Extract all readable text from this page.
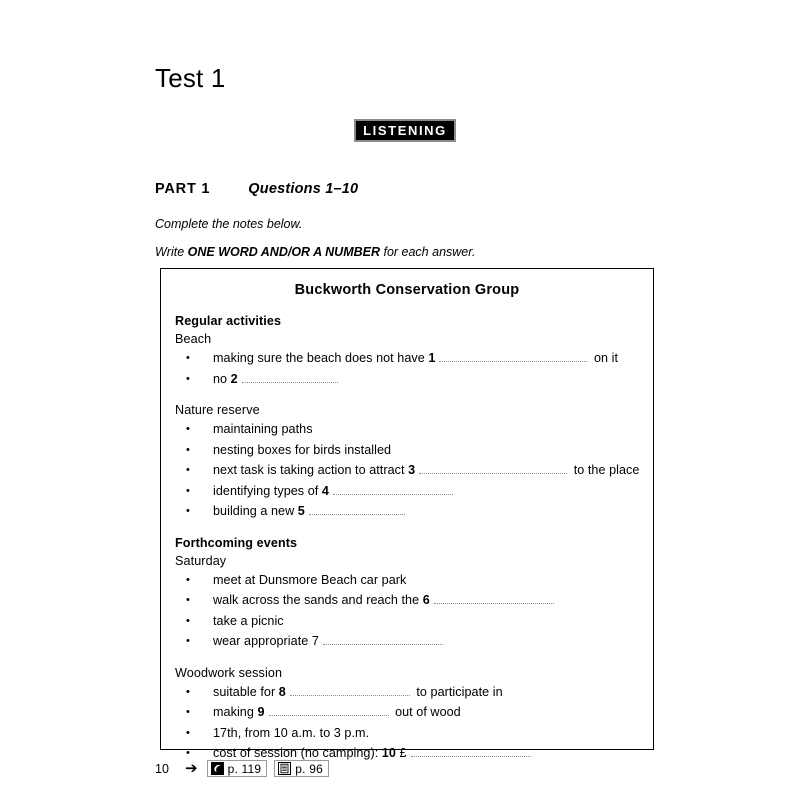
Test 1
LISTENING
PART 1	Questions 1–10
Complete the notes below.
Write ONE WORD AND/OR A NUMBER for each answer.
Buckworth Conservation Group
Regular activities
Beach
• making sure the beach does not have 1	on it
• no 2
Nature reserve
• maintaining paths
• nesting boxes for birds installed
• next task is taking action to attract 3	to the place
• identifying types of 4
• building a new 5
Forthcoming events
Saturday
• meet at Dunsmore Beach car park
• walk across the sands and reach the 6
• take a picnic
• wear appropriate 7
Woodwork session
• suitable for 8	to participate in
• making 9	out of wood
• 17th, from 10 a.m. to 3 p.m.
• cost of session (no camping): 10 £
10	➔	p. 119	p. 96
